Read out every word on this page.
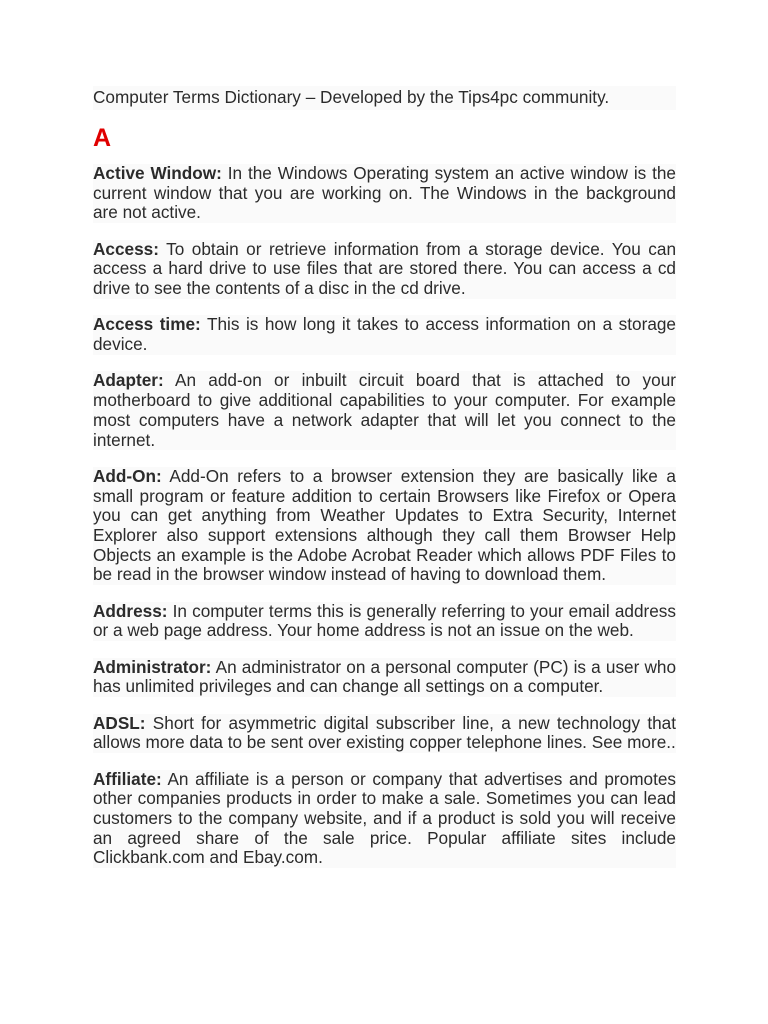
Computer Terms Dictionary – Developed by the Tips4pc community.
A

Active Window: In the Windows Operating system an active window is the current window that you are working on. The Windows in the background are not active.

Access: To obtain or retrieve information from a storage device. You can access a hard drive to use files that are stored there. You can access a cd drive to see the contents of a disc in the cd drive.

Access time: This is how long it takes to access information on a storage device.

Adapter: An add-on or inbuilt circuit board that is attached to your motherboard to give additional capabilities to your computer. For example most computers have a network adapter that will let you connect to the internet.

Add-On: Add-On refers to a browser extension they are basically like a small program or feature addition to certain Browsers like Firefox or Opera you can get anything from Weather Updates to Extra Security, Internet Explorer also support extensions although they call them Browser Help Objects an example is the Adobe Acrobat Reader which allows PDF Files to be read in the browser window instead of having to download them.

Address: In computer terms this is generally referring to your email address or a web page address. Your home address is not an issue on the web.

Administrator: An administrator on a personal computer (PC) is a user who has unlimited privileges and can change all settings on a computer.

ADSL: Short for asymmetric digital subscriber line, a new technology that allows more data to be sent over existing copper telephone lines. See more..

Affiliate: An affiliate is a person or company that advertises and promotes other companies products in order to make a sale. Sometimes you can lead customers to the company website, and if a product is sold you will receive an agreed share of the sale price. Popular affiliate sites include Clickbank.com and Ebay.com.
